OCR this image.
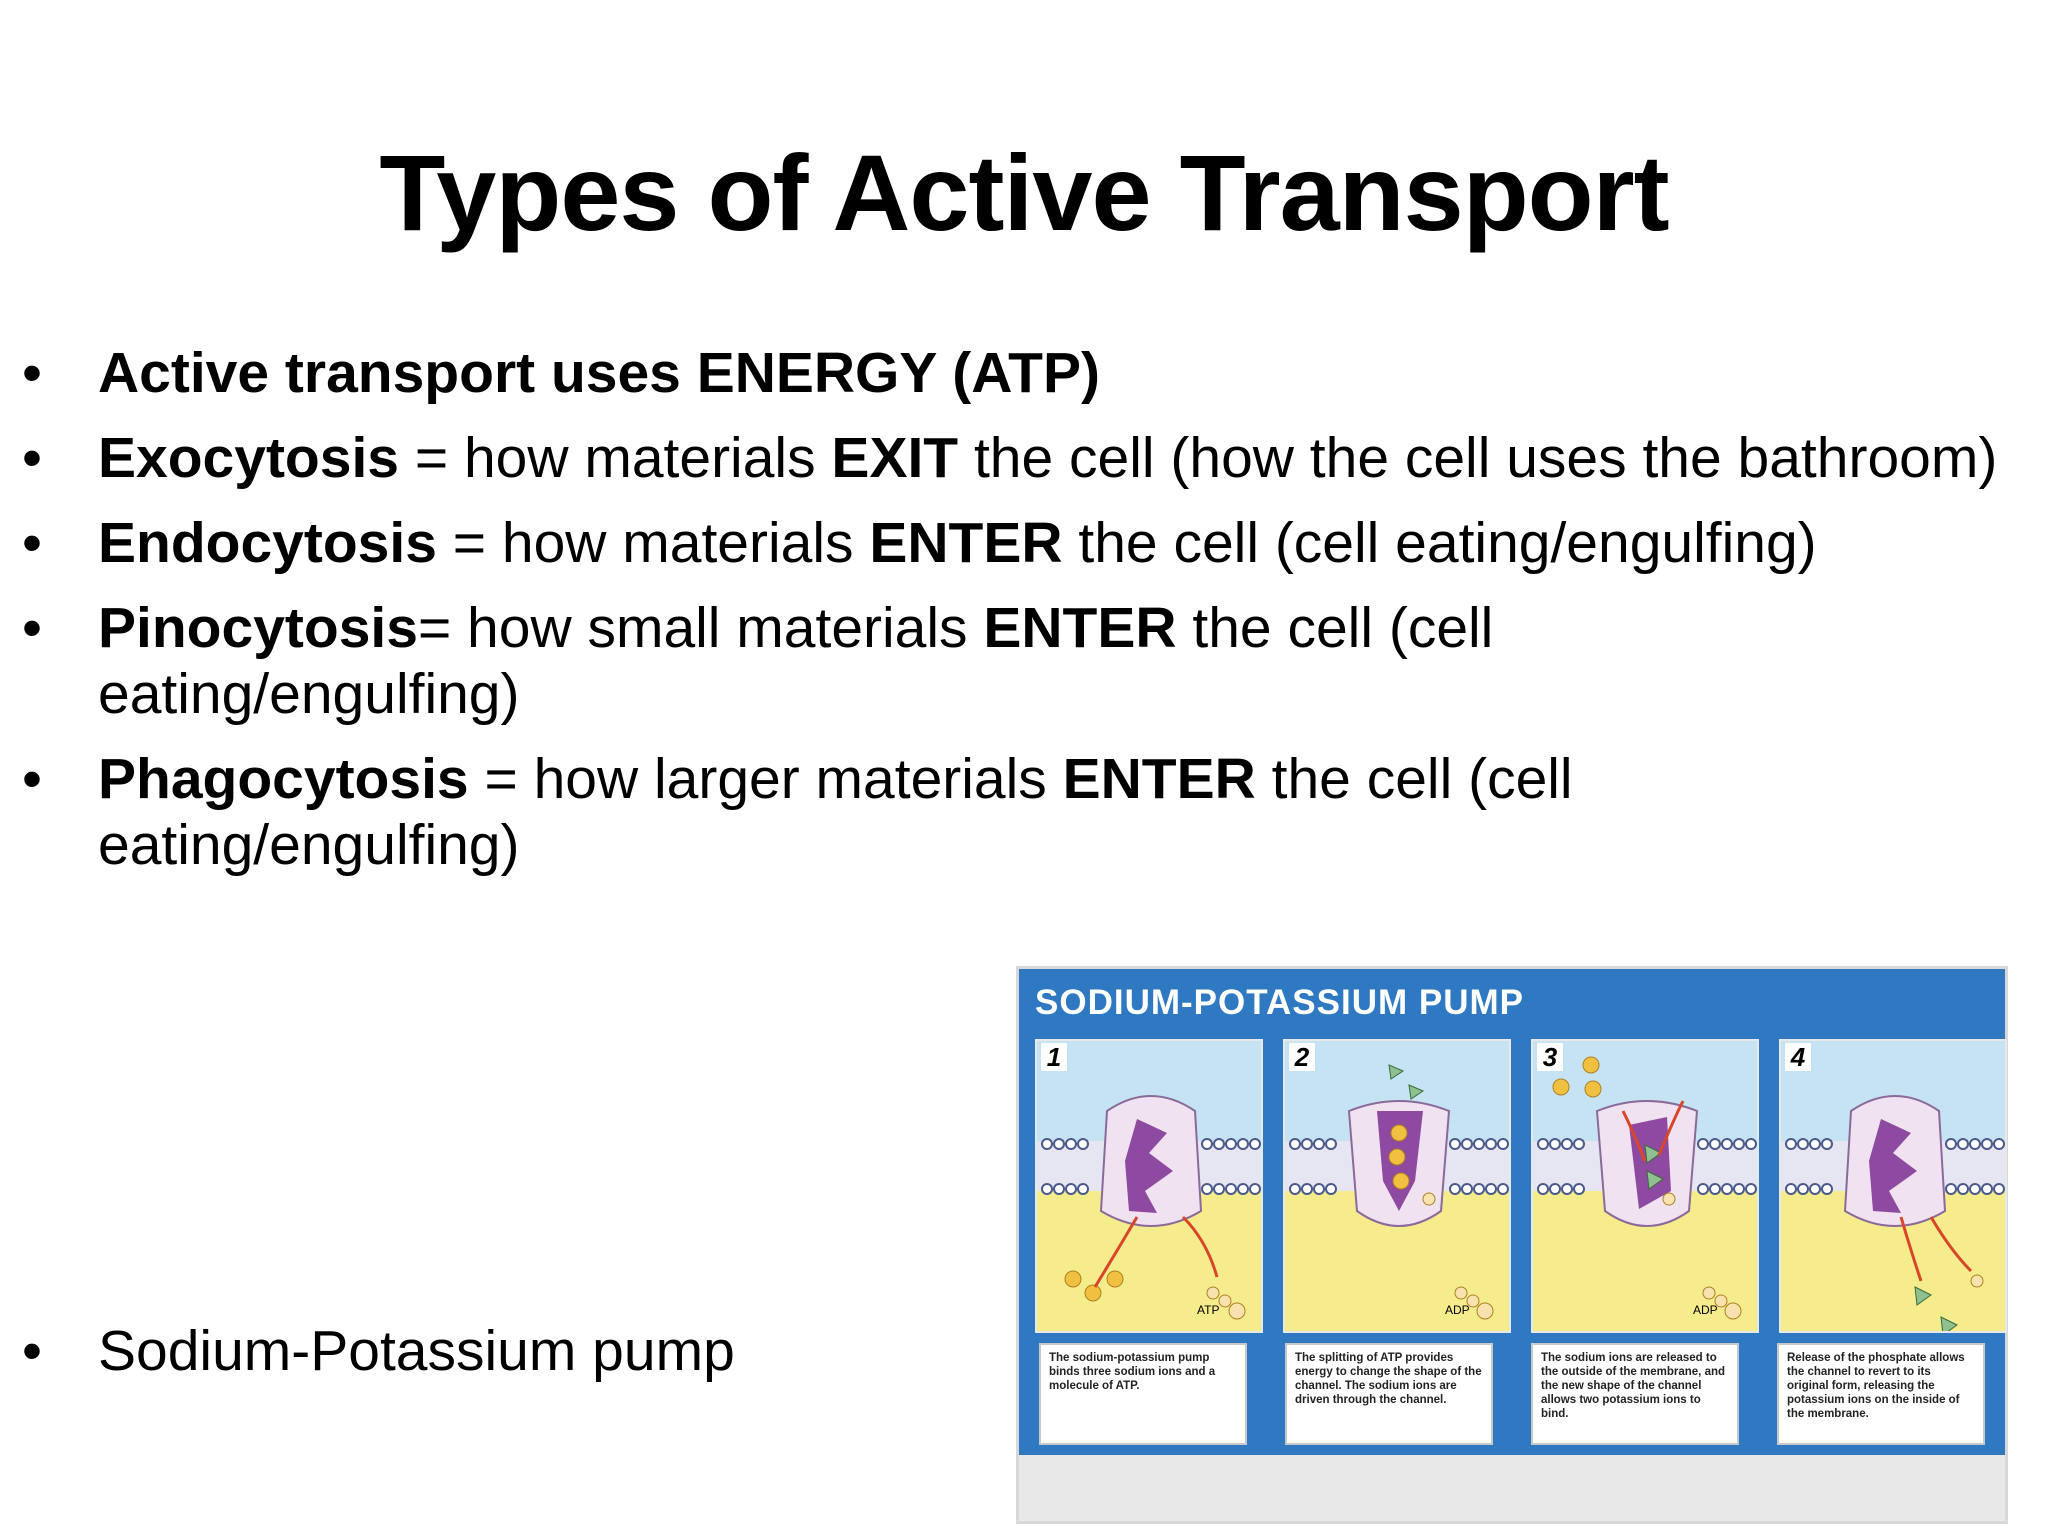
Types of Active Transport
• Active transport uses ENERGY (ATP)
• Exocytosis = how materials EXIT the cell (how the cell uses the bathroom)
• Endocytosis = how materials ENTER the cell (cell eating/engulfing)
• Pinocytosis= how small materials ENTER the cell (cell eating/engulfing)
• Phagocytosis = how larger materials ENTER the cell (cell eating/engulfing)
• Sodium-Potassium pump
SODIUM-POTASSIUM PUMP
1
ATP
2
ADP
3
ADP
4
The sodium-potassium pump binds three sodium ions and a molecule of ATP.
The splitting of ATP provides energy to change the shape of the channel. The sodium ions are driven through the channel.
The sodium ions are released to the outside of the membrane, and the new shape of the channel allows two potassium ions to bind.
Release of the phosphate allows the channel to revert to its original form, releasing the potassium ions on the inside of the membrane.
